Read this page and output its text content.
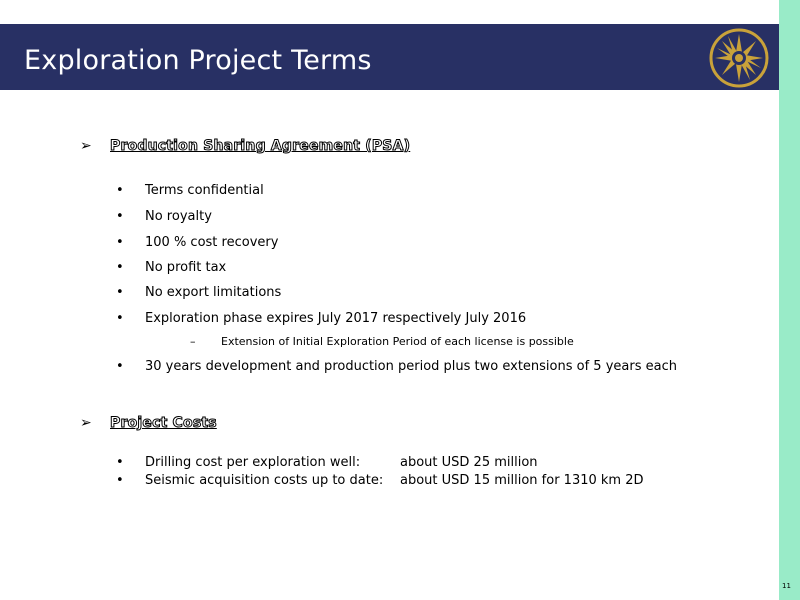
Exploration Project Terms
➢ Production Sharing Agreement (PSA)
• Terms confidential
• No royalty
• 100 % cost recovery
• No profit tax
• No export limitations
• Exploration phase expires July 2017 respectively July 2016
– Extension of Initial Exploration Period of each license is possible
• 30 years development and production period plus two extensions of 5 years each
➢ Project Costs
• Drilling cost per exploration well:	about USD 25 million
• Seismic acquisition costs up to date: about USD 15 million for 1310 km 2D
11
